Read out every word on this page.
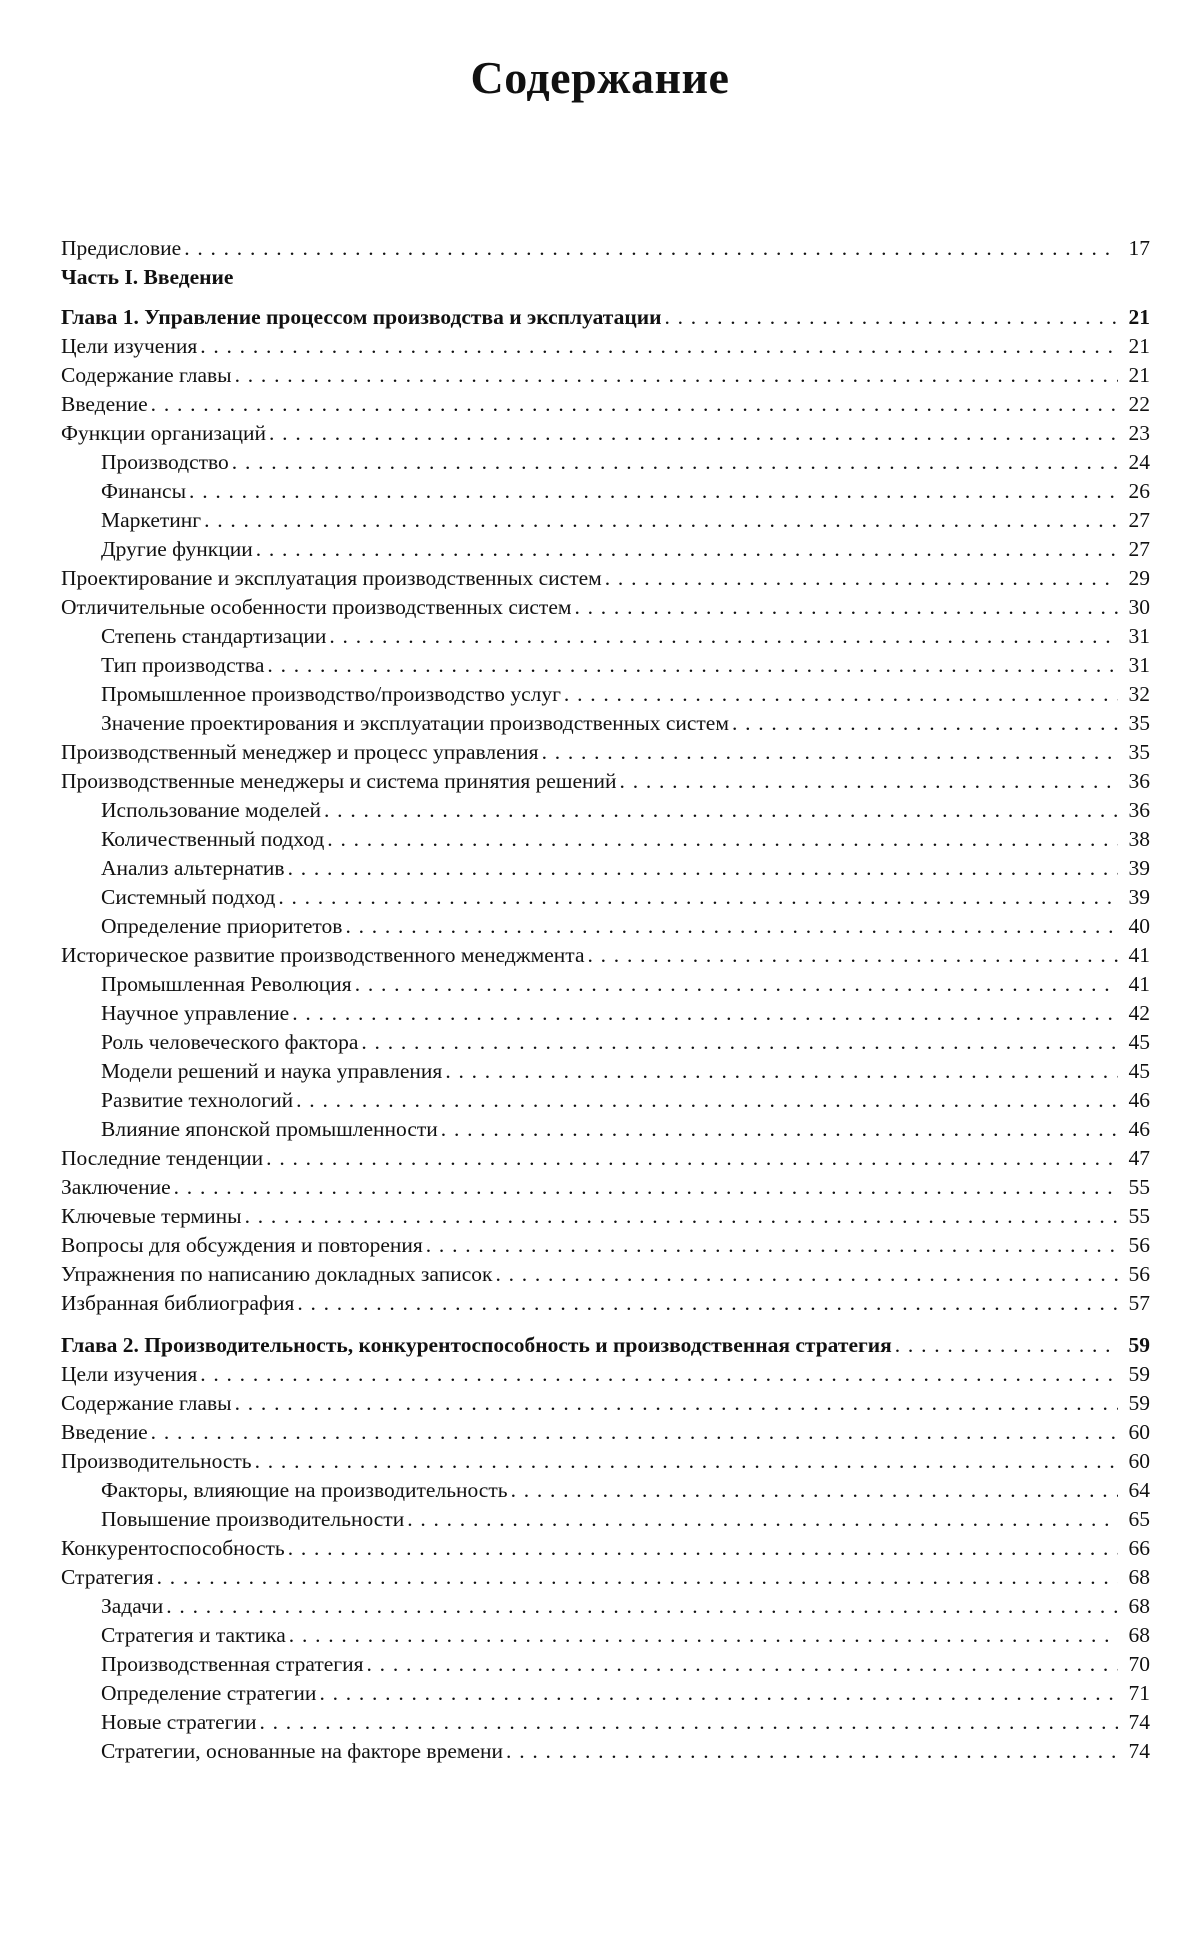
Содержание
Предисловие . . .	17
Часть I. Введение
Глава 1. Управление процессом производства и эксплуатации . . .	21
Цели изучения . . .	21
Содержание главы . . .	21
Введение . . .	22
Функции организаций . . .	23
Производство . . .	24
Финансы . . .	26
Маркетинг . . .	27
Другие функции . . .	27
Проектирование и эксплуатация производственных систем . . .	29
Отличительные особенности производственных систем . . .	30
Степень стандартизации . . .	31
Тип производства . . .	31
Промышленное производство/производство услуг . . .	32
Значение проектирования и эксплуатации производственных систем . . .	35
Производственный менеджер и процесс управления . . .	35
Производственные менеджеры и система принятия решений . . .	36
Использование моделей . . .	36
Количественный подход . . .	38
Анализ альтернатив . . .	39
Системный подход . . .	39
Определение приоритетов . . .	40
Историческое развитие производственного менеджмента . . .	41
Промышленная Революция . . .	41
Научное управление . . .	42
Роль человеческого фактора . . .	45
Модели решений и наука управления . . .	45
Развитие технологий . . .	46
Влияние японской промышленности . . .	46
Последние тенденции . . .	47
Заключение . . .	55
Ключевые термины . . .	55
Вопросы для обсуждения и повторения . . .	56
Упражнения по написанию докладных записок . . .	56
Избранная библиография . . .	57
Глава 2. Производительность, конкурентоспособность и производственная стратегия . . .	59
Цели изучения . . .	59
Содержание главы . . .	59
Введение . . .	60
Производительность . . .	60
Факторы, влияющие на производительность . . .	64
Повышение производительности . . .	65
Конкурентоспособность . . .	66
Стратегия . . .	68
Задачи . . .	68
Стратегия и тактика . . .	68
Производственная стратегия . . .	70
Определение стратегии . . .	71
Новые стратегии . . .	74
Стратегии, основанные на факторе времени . . .	74
